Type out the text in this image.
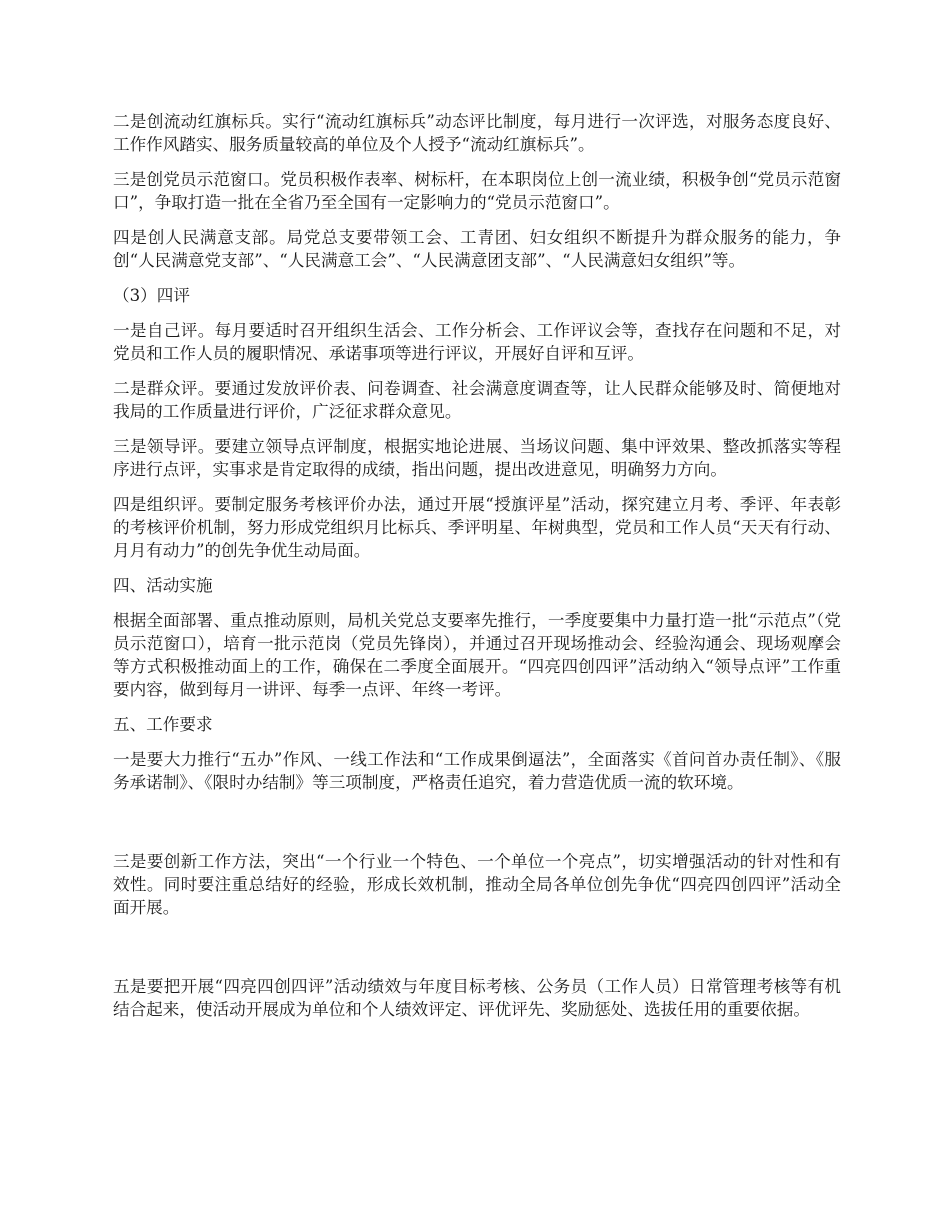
二是创流动红旗标兵。实行“流动红旗标兵”动态评比制度，每月进行一次评选，对服务态度良好、工作作风踏实、服务质量较高的单位及个人授予“流动红旗标兵”。

三是创党员示范窗口。党员积极作表率、树标杆，在本职岗位上创一流业绩，积极争创“党员示范窗口”，争取打造一批在全省乃至全国有一定影响力的“党员示范窗口”。

四是创人民满意支部。局党总支要带领工会、工青团、妇女组织不断提升为群众服务的能力，争创“人民满意党支部”、“人民满意工会”、“人民满意团支部”、“人民满意妇女组织”等。

（3）四评

一是自己评。每月要适时召开组织生活会、工作分析会、工作评议会等，查找存在问题和不足，对党员和工作人员的履职情况、承诺事项等进行评议，开展好自评和互评。

二是群众评。要通过发放评价表、问卷调查、社会满意度调查等，让人民群众能够及时、简便地对我局的工作质量进行评价，广泛征求群众意见。

三是领导评。要建立领导点评制度，根据实地论进展、当场议问题、集中评效果、整改抓落实等程序进行点评，实事求是肯定取得的成绩，指出问题，提出改进意见，明确努力方向。

四是组织评。要制定服务考核评价办法，通过开展“授旗评星”活动，探究建立月考、季评、年表彰的考核评价机制，努力形成党组织月比标兵、季评明星、年树典型，党员和工作人员“天天有行动、月月有动力”的创先争优生动局面。

四、活动实施

根据全面部署、重点推动原则，局机关党总支要率先推行，一季度要集中力量打造一批“示范点”（党员示范窗口），培育一批示范岗（党员先锋岗），并通过召开现场推动会、经验沟通会、现场观摩会等方式积极推动面上的工作，确保在二季度全面展开。“四亮四创四评”活动纳入“领导点评”工作重要内容，做到每月一讲评、每季一点评、年终一考评。

五、工作要求

一是要大力推行“五办”作风、一线工作法和“工作成果倒逼法”，全面落实《首问首办责任制》、《服务承诺制》、《限时办结制》等三项制度，严格责任追究，着力营造优质一流的软环境。

三是要创新工作方法，突出“一个行业一个特色、一个单位一个亮点”，切实增强活动的针对性和有效性。同时要注重总结好的经验，形成长效机制，推动全局各单位创先争优“四亮四创四评”活动全面开展。

五是要把开展“四亮四创四评”活动绩效与年度目标考核、公务员（工作人员）日常管理考核等有机结合起来，使活动开展成为单位和个人绩效评定、评优评先、奖励惩处、选拔任用的重要依据。
